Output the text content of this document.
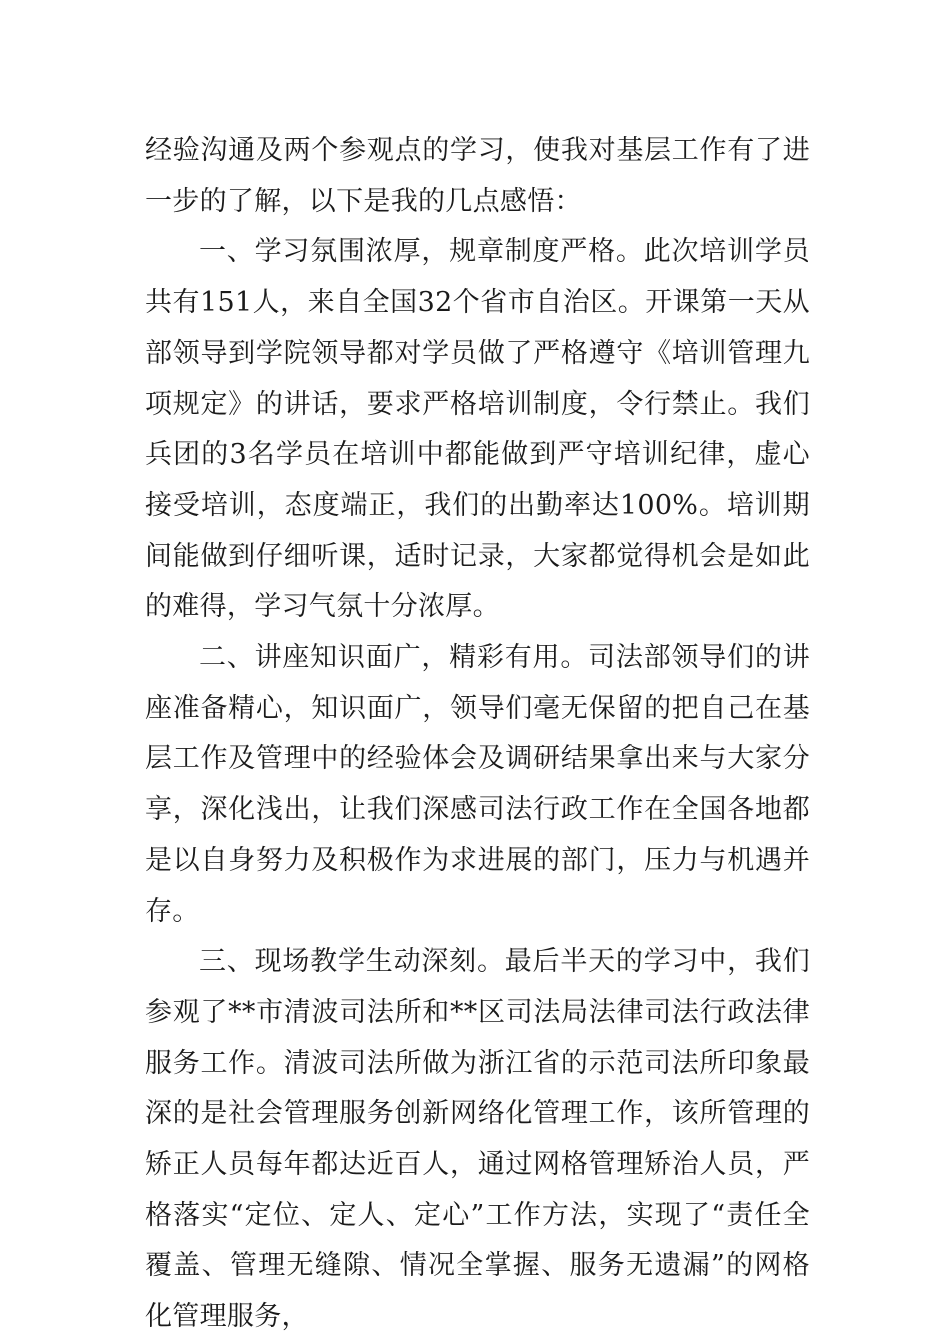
经验沟通及两个参观点的学习，使我对基层工作有了进一步的了解，以下是我的几点感悟：

一、学习氛围浓厚，规章制度严格。此次培训学员共有151人，来自全国32个省市自治区。开课第一天从部领导到学院领导都对学员做了严格遵守《培训管理九项规定》的讲话，要求严格培训制度，令行禁止。我们兵团的3名学员在培训中都能做到严守培训纪律，虚心接受培训，态度端正，我们的出勤率达100%。培训期间能做到仔细听课，适时记录，大家都觉得机会是如此的难得，学习气氛十分浓厚。

二、讲座知识面广，精彩有用。司法部领导们的讲座准备精心，知识面广，领导们毫无保留的把自己在基层工作及管理中的经验体会及调研结果拿出来与大家分享，深化浅出，让我们深感司法行政工作在全国各地都是以自身努力及积极作为求进展的部门，压力与机遇并存。

三、现场教学生动深刻。最后半天的学习中，我们参观了**市清波司法所和**区司法局法律司法行政法律服务工作。清波司法所做为浙江省的示范司法所印象最深的是社会管理服务创新网络化管理工作，该所管理的矫正人员每年都达近百人，通过网格管理矫治人员，严格落实“定位、定人、定心”工作方法，实现了“责任全覆盖、管理无缝隙、情况全掌握、服务无遗漏”的网格化管理服务，
